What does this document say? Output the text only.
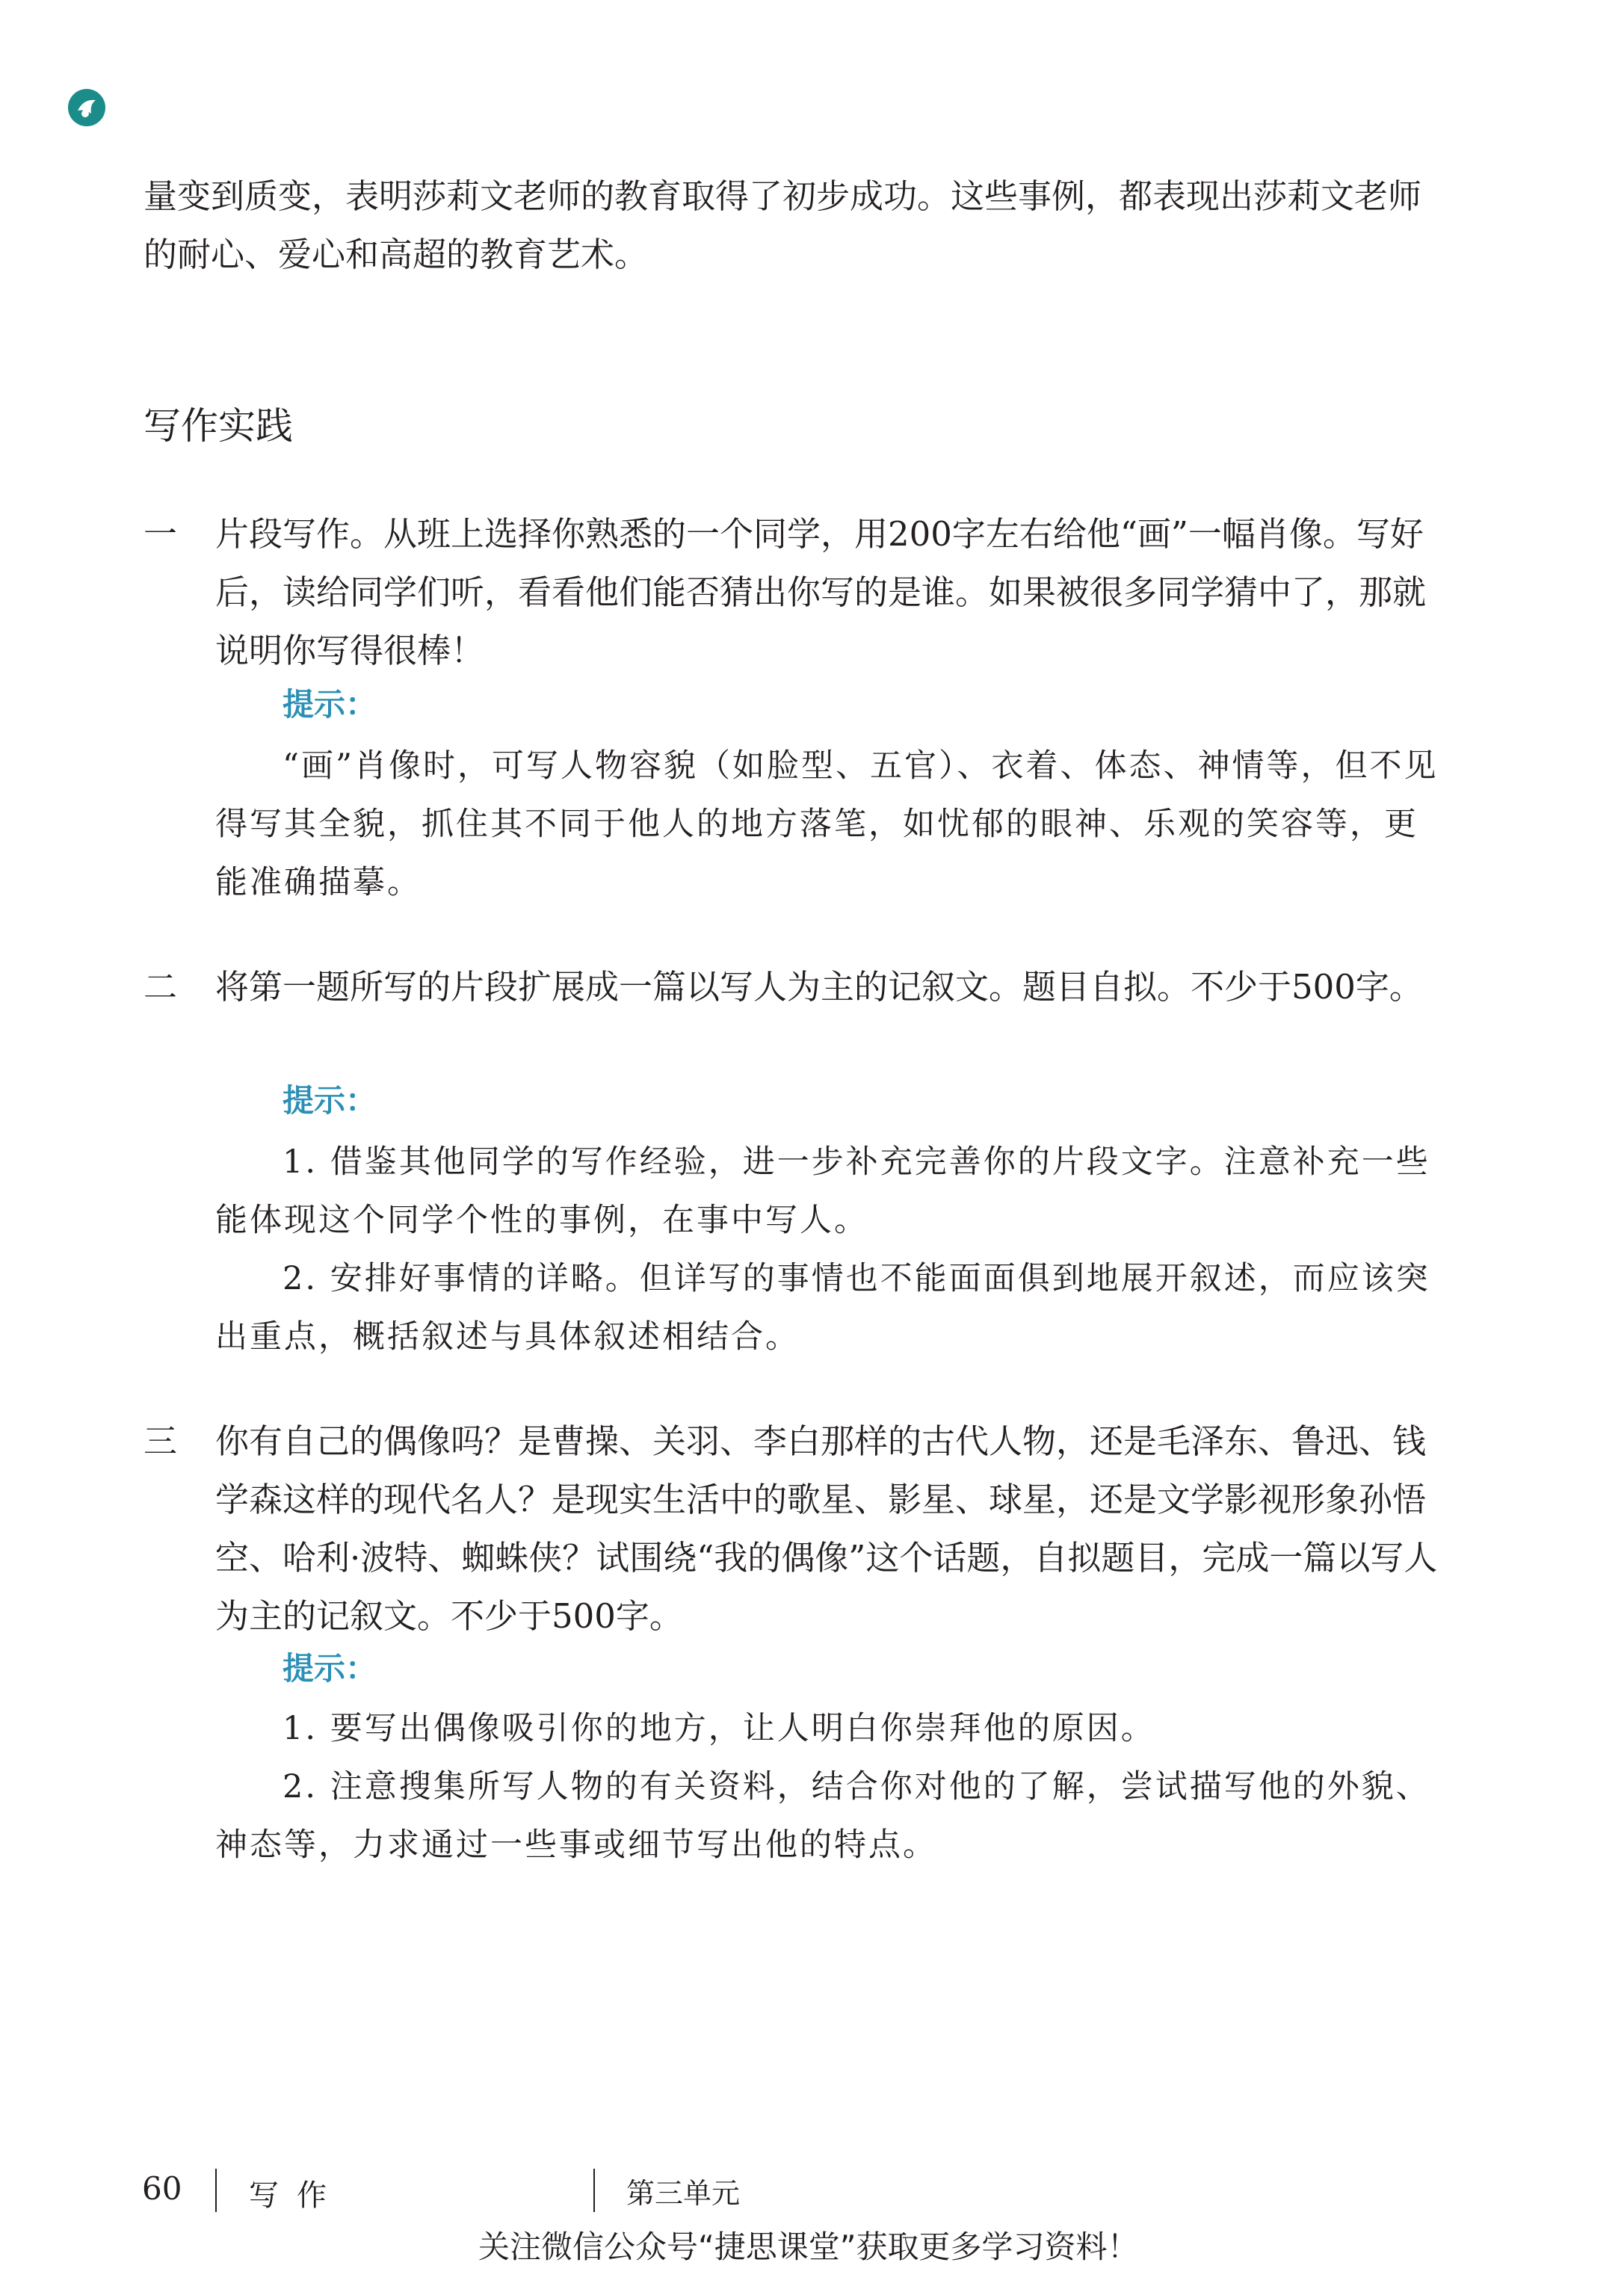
量变到质变，表明莎莉文老师的教育取得了初步成功。这些事例，都表现出莎莉文老师的耐心、爱心和高超的教育艺术。

写作实践
一 片段写作。从班上选择你熟悉的一个同学，用200字左右给他“画”一幅肖像。写好后，读给同学们听，看看他们能否猜出你写的是谁。如果被很多同学猜中了，那就说明你写得很棒！
提示：
“画”肖像时，可写人物容貌（如脸型、五官）、衣着、体态、神情等，但不见得写其全貌，抓住其不同于他人的地方落笔，如忧郁的眼神、乐观的笑容等，更能准确描摹。
二 将第一题所写的片段扩展成一篇以写人为主的记叙文。题目自拟。不少于500字。
提示：
1. 借鉴其他同学的写作经验，进一步补充完善你的片段文字。注意补充一些能体现这个同学个性的事例，在事中写人。
2. 安排好事情的详略。但详写的事情也不能面面俱到地展开叙述，而应该突出重点，概括叙述与具体叙述相结合。
三 你有自己的偶像吗？是曹操、关羽、李白那样的古代人物，还是毛泽东、鲁迅、钱学森这样的现代名人？是现实生活中的歌星、影星、球星，还是文学影视形象孙悟空、哈利·波特、蜘蛛侠？试围绕“我的偶像”这个话题，自拟题目，完成一篇以写人为主的记叙文。不少于500字。
提示：
1. 要写出偶像吸引你的地方，让人明白你崇拜他的原因。
2. 注意搜集所写人物的有关资料，结合你对他的了解，尝试描写他的外貌、神态等，力求通过一些事或细节写出他的特点。
60 写作	第三单元
关注微信公众号“捷思课堂”获取更多学习资料！
